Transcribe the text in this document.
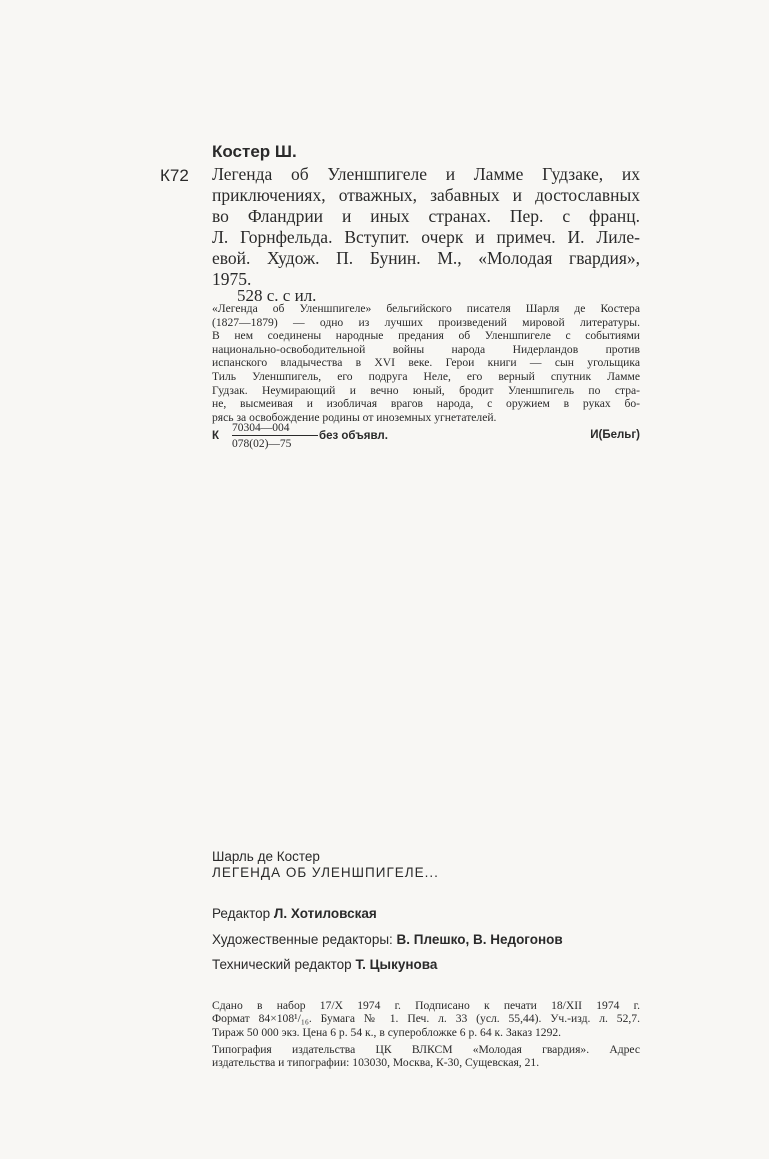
Костер Ш.
К72 Легенда об Уленшпигеле и Ламме Гудзаке, их
приключениях, отважных, забавных и достославных
во Фландрии и иных странах. Пер. с франц.
Л. Горнфельда. Вступит. очерк и примеч. И. Лиле-
евой. Худож. П. Бунин. М., «Молодая гвардия»,
1975.
528 с. с ил.
«Легенда об Уленшпигеле» бельгийского писателя Шарля де Костера
(1827—1879) — одно из лучших произведений мировой литературы.
В нем соединены народные предания об Уленшпигеле с событиями
национально-освободительной войны народа Нидерландов против
испанского владычества в XVI веке. Герои книги — сын угольщика
Тиль Уленшпигель, его подруга Неле, его верный спутник Ламме
Гудзак. Неумирающий и вечно юный, бродит Уленшпигель по стра-
не, высмеивая и изобличая врагов народа, с оружием в руках бо-
рясь за освобождение родины от иноземных угнетателей.
К
70304—004
078(02)—75
без объявл.	И(Бельг)
Шарль де Костер
ЛЕГЕНДА ОБ УЛЕНШПИГЕЛЕ...
Редактор Л. Хотиловская
Художественные редакторы: В. Плешко, В. Недогонов
Технический редактор Т. Цыкунова
Сдано в набор 17/X 1974 г. Подписано к печати 18/XII 1974 г.
Формат 84×108¹/₁₆. Бумага № 1. Печ. л. 33 (усл. 55,44). Уч.-изд. л. 52,7.
Тираж 50 000 экз. Цена 6 р. 54 к., в суперобложке 6 р. 64 к. Заказ 1292.
Типография издательства ЦК ВЛКСМ «Молодая гвардия». Адрес
издательства и типографии: 103030, Москва, К-30, Сущевская, 21.
